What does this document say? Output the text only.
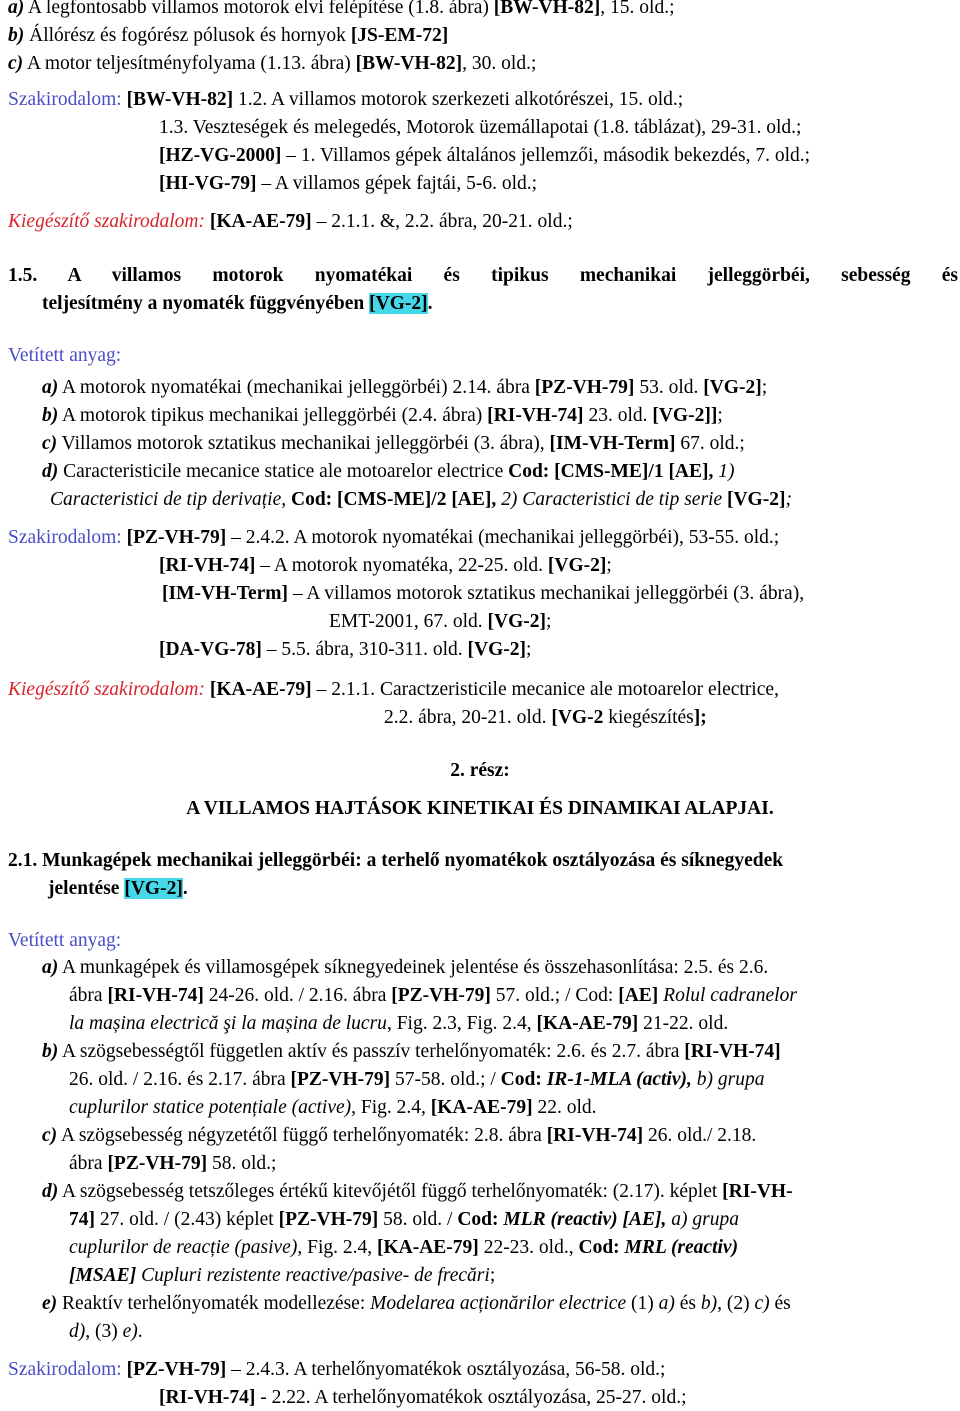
a) A legfontosabb villamos motorok elvi felépítése (1.8. ábra) [BW-VH-82], 15. old.;
b) Állórész és fogórész pólusok és hornyok [JS-EM-72]
c) A motor teljesítményfolyama (1.13. ábra) [BW-VH-82], 30. old.;
Szakirodalom: [BW-VH-82] 1.2. A villamos motorok szerkezeti alkotórészei, 15. old.;
1.3. Veszteségek és melegedés, Motorok üzemállapotai (1.8. táblázat), 29-31. old.;
[HZ-VG-2000] – 1. Villamos gépek általános jellemzői, második bekezdés, 7. old.;
[HI-VG-79] – A villamos gépek fajtái, 5-6. old.;
Kiegészítő szakirodalom: [KA-AE-79] – 2.1.1. &, 2.2. ábra, 20-21. old.;
1.5. A villamos motorok nyomatékai és tipikus mechanikai jelleggörbéi, sebesség és
teljesítmény a nyomaték függvényében [VG-2].
Vetített anyag:
a) A motorok nyomatékai (mechanikai jelleggörbéi) 2.14. ábra [PZ-VH-79] 53. old. [VG-2];
b) A motorok tipikus mechanikai jelleggörbéi (2.4. ábra) [RI-VH-74] 23. old. [VG-2]];
c) Villamos motorok sztatikus mechanikai jelleggörbéi (3. ábra), [IM-VH-Term] 67. old.;
d) Caracteristicile mecanice statice ale motoarelor electrice Cod: [CMS-ME]/1 [AE], 1)
Caracteristici de tip derivație, Cod: [CMS-ME]/2 [AE], 2) Caracteristici de tip serie [VG-2];
Szakirodalom: [PZ-VH-79] – 2.4.2. A motorok nyomatékai (mechanikai jelleggörbéi), 53-55. old.;
[RI-VH-74] – A motorok nyomatéka, 22-25. old. [VG-2];
[IM-VH-Term] – A villamos motorok sztatikus mechanikai jelleggörbéi (3. ábra),
EMT-2001, 67. old. [VG-2];
[DA-VG-78] – 5.5. ábra, 310-311. old. [VG-2];
Kiegészítő szakirodalom: [KA-AE-79] – 2.1.1. Caractzeristicile mecanice ale motoarelor electrice,
2.2. ábra, 20-21. old. [VG-2 kiegészítés];
2. rész:
A VILLAMOS HAJTÁSOK KINETIKAI ÉS DINAMIKAI ALAPJAI.
2.1. Munkagépek mechanikai jelleggörbéi: a terhelő nyomatékok osztályozása és síknegyedek
jelentése [VG-2].
Vetített anyag:
a) A munkagépek és villamosgépek síknegyedeinek jelentése és összehasonlítása: 2.5. és 2.6.
ábra [RI-VH-74] 24-26. old. / 2.16. ábra [PZ-VH-79] 57. old.; / Cod: [AE] Rolul cadranelor
la mașina electrică şi la mașina de lucru, Fig. 2.3, Fig. 2.4, [KA-AE-79] 21-22. old.
b) A szögsebességtől független aktív és passzív terhelőnyomaték: 2.6. és 2.7. ábra [RI-VH-74]
26. old. / 2.16. és 2.17. ábra [PZ-VH-79] 57-58. old.; / Cod: IR-1-MLA (activ), b) grupa
cuplurilor statice potențiale (active), Fig. 2.4, [KA-AE-79] 22. old.
c) A szögsebesség négyzetétől függő terhelőnyomaték: 2.8. ábra [RI-VH-74] 26. old./ 2.18.
ábra [PZ-VH-79] 58. old.;
d) A szögsebesség tetszőleges értékű kitevőjétől függő terhelőnyomaték: (2.17). képlet [RI-VH-
74] 27. old. / (2.43) képlet [PZ-VH-79] 58. old. / Cod: MLR (reactiv) [AE], a) grupa
cuplurilor de reacție (pasive), Fig. 2.4, [KA-AE-79] 22-23. old., Cod: MRL (reactiv)
[MSAE] Cupluri rezistente reactive/pasive- de frecări;
e) Reaktív terhelőnyomaték modellezése: Modelarea acționărilor electrice (1) a) és b), (2) c) és
d), (3) e).
Szakirodalom: [PZ-VH-79] – 2.4.3. A terhelőnyomatékok osztályozása, 56-58. old.;
[RI-VH-74] - 2.22. A terhelőnyomatékok osztályozása, 25-27. old.;
